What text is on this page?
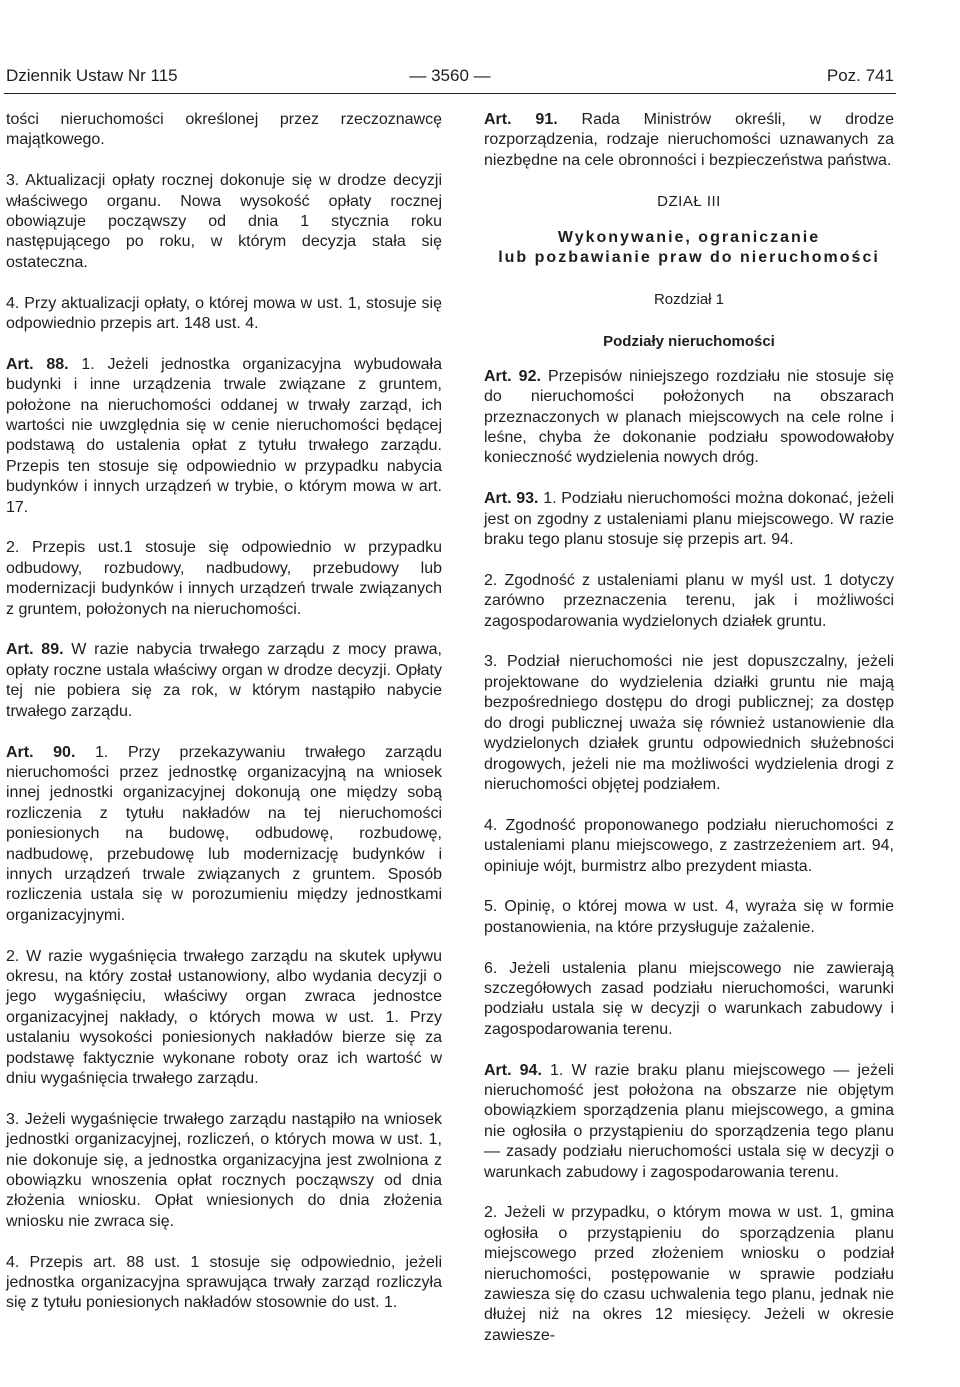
Dziennik Ustaw Nr 115	— 3560 —	Poz. 741

tości nieruchomości określonej przez rzeczoznawcę majątkowego.

3. Aktualizacji opłaty rocznej dokonuje się w drodze decyzji właściwego organu. Nowa wysokość opłaty rocznej obowiązuje począwszy od dnia 1 stycznia roku następującego po roku, w którym decyzja stała się ostateczna.

4. Przy aktualizacji opłaty, o której mowa w ust. 1, stosuje się odpowiednio przepis art. 148 ust. 4.

Art. 88. 1. Jeżeli jednostka organizacyjna wybudowała budynki i inne urządzenia trwale związane z gruntem, położone na nieruchomości oddanej w trwały zarząd, ich wartości nie uwzględnia się w cenie nieruchomości będącej podstawą do ustalenia opłat z tytułu trwałego zarządu. Przepis ten stosuje się odpowiednio w przypadku nabycia budynków i innych urządzeń w trybie, o którym mowa w art. 17.

2. Przepis ust.1 stosuje się odpowiednio w przypadku odbudowy, rozbudowy, nadbudowy, przebudowy lub modernizacji budynków i innych urządzeń trwale związanych z gruntem, położonych na nieruchomości.

Art. 89. W razie nabycia trwałego zarządu z mocy prawa, opłaty roczne ustala właściwy organ w drodze decyzji. Opłaty tej nie pobiera się za rok, w którym nastąpiło nabycie trwałego zarządu.

Art. 90. 1. Przy przekazywaniu trwałego zarządu nieruchomości przez jednostkę organizacyjną na wniosek innej jednostki organizacyjnej dokonują one między sobą rozliczenia z tytułu nakładów na tej nieruchomości poniesionych na budowę, odbudowę, rozbudowę, nadbudowę, przebudowę lub modernizację budynków i innych urządzeń trwale związanych z gruntem. Sposób rozliczenia ustala się w porozumieniu między jednostkami organizacyjnymi.

2. W razie wygaśnięcia trwałego zarządu na skutek upływu okresu, na który został ustanowiony, albo wydania decyzji o jego wygaśnięciu, właściwy organ zwraca jednostce organizacyjnej nakłady, o których mowa w ust. 1. Przy ustalaniu wysokości poniesionych nakładów bierze się za podstawę faktycznie wykonane roboty oraz ich wartość w dniu wygaśnięcia trwałego zarządu.

3. Jeżeli wygaśnięcie trwałego zarządu nastąpiło na wniosek jednostki organizacyjnej, rozliczeń, o których mowa w ust. 1, nie dokonuje się, a jednostka organizacyjna jest zwolniona z obowiązku wnoszenia opłat rocznych począwszy od dnia złożenia wniosku. Opłat wniesionych do dnia złożenia wniosku nie zwraca się.

4. Przepis art. 88 ust. 1 stosuje się odpowiednio, jeżeli jednostka organizacyjna sprawująca trwały zarząd rozliczyła się z tytułu poniesionych nakładów stosownie do ust. 1.

Art. 91. Rada Ministrów określi, w drodze rozporządzenia, rodzaje nieruchomości uznawanych za niezbędne na cele obronności i bezpieczeństwa państwa.

DZIAŁ III
Wykonywanie, ograniczanie
lub pozbawianie praw do nieruchomości
Rozdział 1
Podziały nieruchomości

Art. 92. Przepisów niniejszego rozdziału nie stosuje się do nieruchomości położonych na obszarach przeznaczonych w planach miejscowych na cele rolne i leśne, chyba że dokonanie podziału spowodowałoby konieczność wydzielenia nowych dróg.

Art. 93. 1. Podziału nieruchomości można dokonać, jeżeli jest on zgodny z ustaleniami planu miejscowego. W razie braku tego planu stosuje się przepis art. 94.

2. Zgodność z ustaleniami planu w myśl ust. 1 dotyczy zarówno przeznaczenia terenu, jak i możliwości zagospodarowania wydzielonych działek gruntu.

3. Podział nieruchomości nie jest dopuszczalny, jeżeli projektowane do wydzielenia działki gruntu nie mają bezpośredniego dostępu do drogi publicznej; za dostęp do drogi publicznej uważa się również ustanowienie dla wydzielonych działek gruntu odpowiednich służebności drogowych, jeżeli nie ma możliwości wydzielenia drogi z nieruchomości objętej podziałem.

4. Zgodność proponowanego podziału nieruchomości z ustaleniami planu miejscowego, z zastrzeżeniem art. 94, opiniuje wójt, burmistrz albo prezydent miasta.

5. Opinię, o której mowa w ust. 4, wyraża się w formie postanowienia, na które przysługuje zażalenie.

6. Jeżeli ustalenia planu miejscowego nie zawierają szczegółowych zasad podziału nieruchomości, warunki podziału ustala się w decyzji o warunkach zabudowy i zagospodarowania terenu.

Art. 94. 1. W razie braku planu miejscowego — jeżeli nieruchomość jest położona na obszarze nie objętym obowiązkiem sporządzenia planu miejscowego, a gmina nie ogłosiła o przystąpieniu do sporządzenia tego planu — zasady podziału nieruchomości ustala się w decyzji o warunkach zabudowy i zagospodarowania terenu.

2. Jeżeli w przypadku, o którym mowa w ust. 1, gmina ogłosiła o przystąpieniu do sporządzenia planu miejscowego przed złożeniem wniosku o podział nieruchomości, postępowanie w sprawie podziału zawiesza się do czasu uchwalenia tego planu, jednak nie dłużej niż na okres 12 miesięcy. Jeżeli w okresie zawiesze-
